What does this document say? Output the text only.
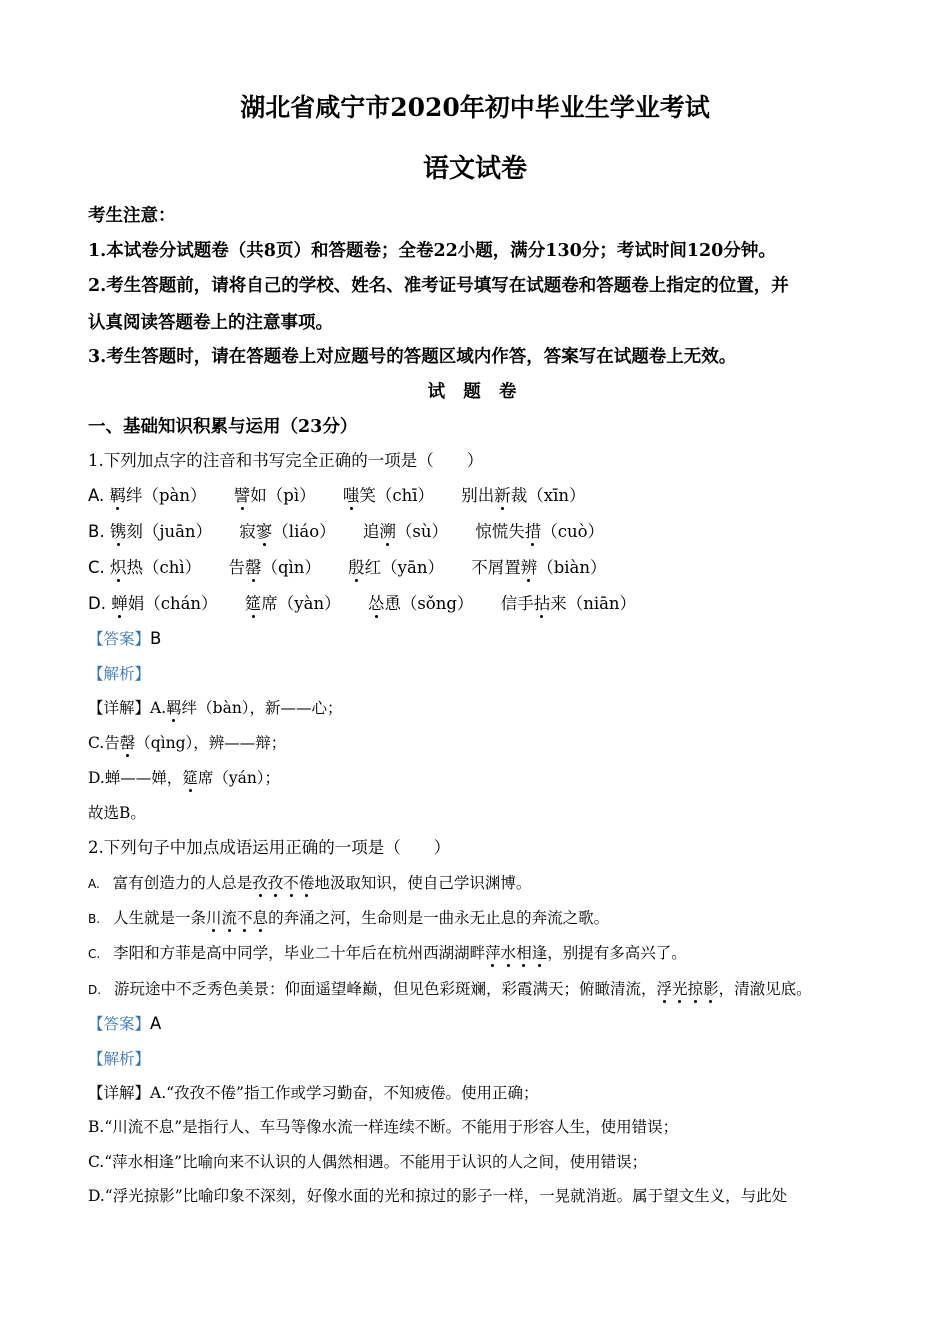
湖北省咸宁市2020年初中毕业生学业考试
语文试卷
考生注意：
1.本试卷分试题卷（共8页）和答题卷；全卷22小题，满分130分；考试时间120分钟。
2.考生答题前，请将自己的学校、姓名、准考证号填写在试题卷和答题卷上指定的位置，并
认真阅读答题卷上的注意事项。
3.考生答题时，请在答题卷上对应题号的答题区域内作答，答案写在试题卷上无效。
试 题 卷
一、基础知识积累与运用（23分）
1.下列加点字的注音和书写完全正确的一项是（　　）
A. 羁绊（pàn） 譬如（pì） 嗤笑（chī） 别出新裁（xīn）
B. 镌刻（juān） 寂寥（liáo） 追溯（sù） 惊慌失措（cuò）
C. 炽热（chì） 告罄（qìn） 殷红（yān） 不屑置辨（biàn）
D. 蝉娟（chán） 筵席（yàn） 怂恿（sǒng） 信手拈来（niān）
【答案】B
【解析】
【详解】A.羁绊（bàn），新——心；
C.告罄（qìng），辨——辩；
D.蝉——婵，筵席（yán）；
故选B。
2.下列句子中加点成语运用正确的一项是（　　）
A. 富有创造力的人总是孜孜不倦地汲取知识，使自己学识渊博。
B. 人生就是一条川流不息的奔涌之河，生命则是一曲永无止息的奔流之歌。
C. 李阳和方菲是高中同学，毕业二十年后在杭州西湖湖畔萍水相逢，别提有多高兴了。
D. 游玩途中不乏秀色美景：仰面遥望峰巅，但见色彩斑斓，彩霞满天；俯瞰清流，浮光掠影，清澈见底。
【答案】A
【解析】
【详解】A.“孜孜不倦”指工作或学习勤奋，不知疲倦。使用正确；
B.“川流不息”是指行人、车马等像水流一样连续不断。不能用于形容人生，使用错误；
C.“萍水相逢”比喻向来不认识的人偶然相遇。不能用于认识的人之间，使用错误；
D.“浮光掠影”比喻印象不深刻，好像水面的光和掠过的影子一样，一晃就消逝。属于望文生义，与此处
